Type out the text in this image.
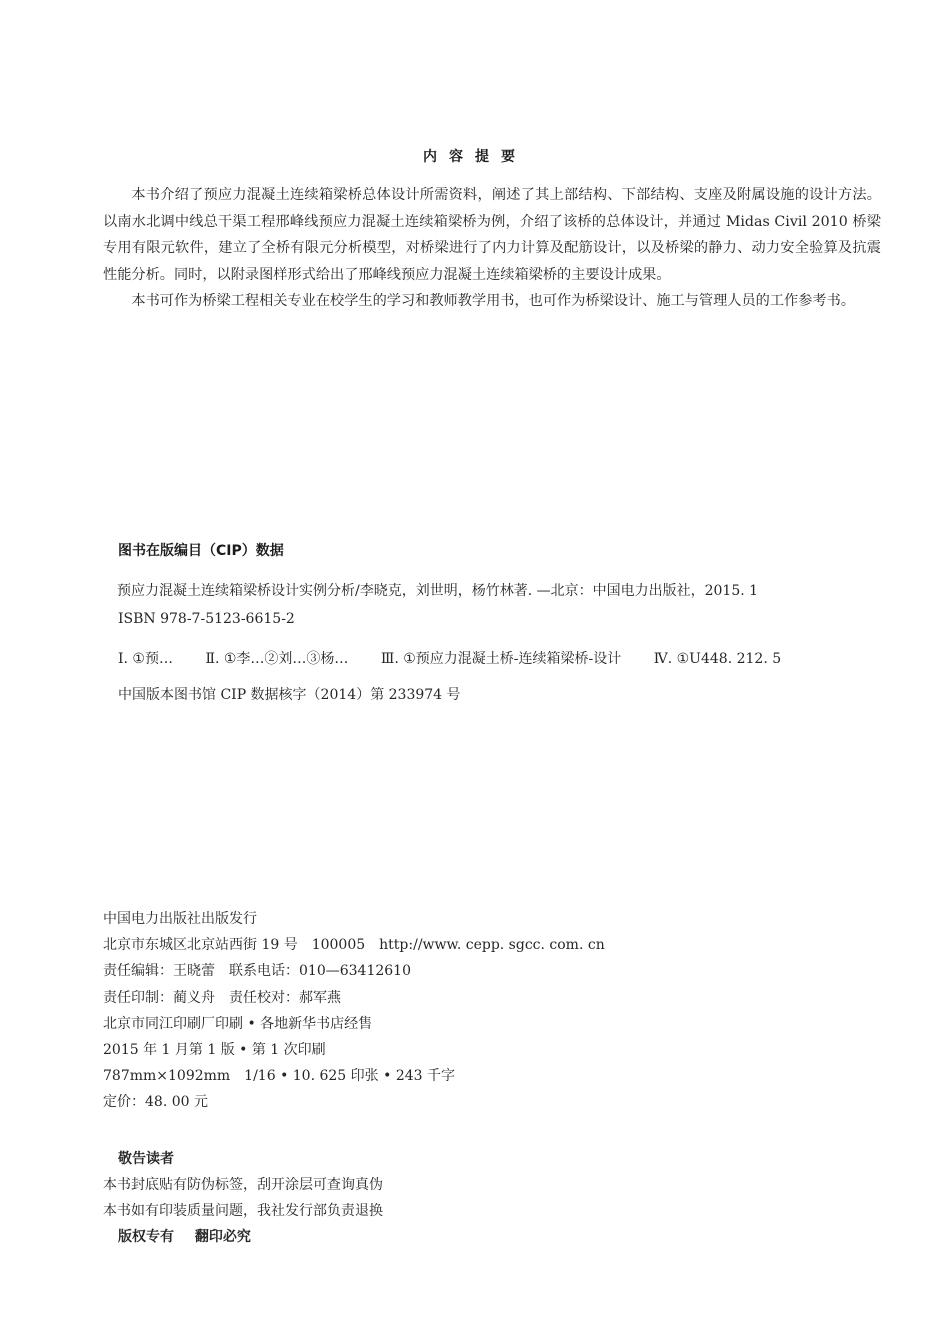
内容提要

本书介绍了预应力混凝土连续箱梁桥总体设计所需资料，阐述了其上部结构、下部结构、支座及附属设施的设计方法。以南水北调中线总干渠工程邢峰线预应力混凝土连续箱梁桥为例，介绍了该桥的总体设计，并通过 Midas Civil 2010 桥梁专用有限元软件，建立了全桥有限元分析模型，对桥梁进行了内力计算及配筋设计，以及桥梁的静力、动力安全验算及抗震性能分析。同时，以附录图样形式给出了邢峰线预应力混凝土连续箱梁桥的主要设计成果。

本书可作为桥梁工程相关专业在校学生的学习和教师教学用书，也可作为桥梁设计、施工与管理人员的工作参考书。

图书在版编目（CIP）数据

预应力混凝土连续箱梁桥设计实例分析/李晓克，刘世明，杨竹林著. —北京：中国电力出版社，2015. 1

ISBN 978-7-5123-6615-2

Ⅰ. ①预… Ⅱ. ①李…②刘…③杨… Ⅲ. ①预应力混凝土桥-连续箱梁桥-设计 Ⅳ. ①U448. 212. 5

中国版本图书馆 CIP 数据核字（2014）第 233974 号

中国电力出版社出版发行
北京市东城区北京站西街 19 号　100005　http://www. cepp. sgcc. com. cn
责任编辑：王晓蕾　联系电话：010—63412610
责任印制：蔺义舟　责任校对：郝军燕
北京市同江印刷厂印刷 • 各地新华书店经售
2015 年 1 月第 1 版 • 第 1 次印刷
787mm×1092mm　1/16 • 10. 625 印张 • 243 千字
定价：48. 00 元
敬告读者
本书封底贴有防伪标签，刮开涂层可查询真伪
本书如有印装质量问题，我社发行部负责退换
版权专有 翻印必究
